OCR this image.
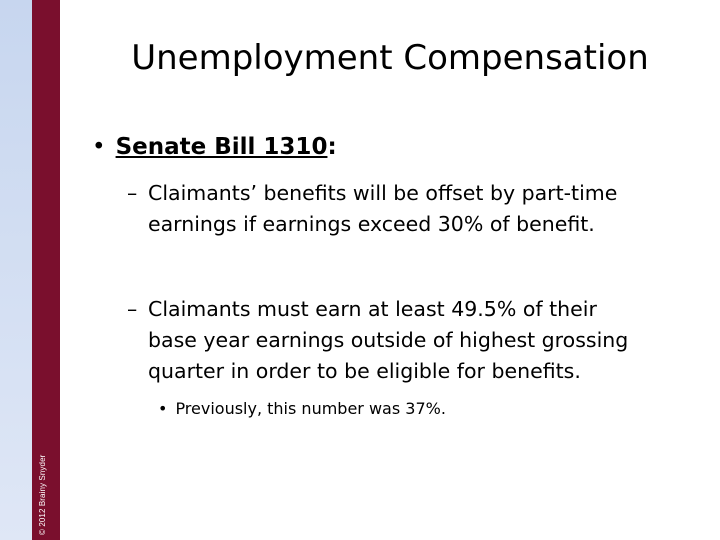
© 2012 Brainy Snyder
Unemployment Compensation
• Senate Bill 1310:
– Claimants’ benefits will be offset by part-time
earnings if earnings exceed 30% of benefit.
– Claimants must earn at least 49.5% of their
base year earnings outside of highest grossing
quarter in order to be eligible for benefits.
• Previously, this number was 37%.
